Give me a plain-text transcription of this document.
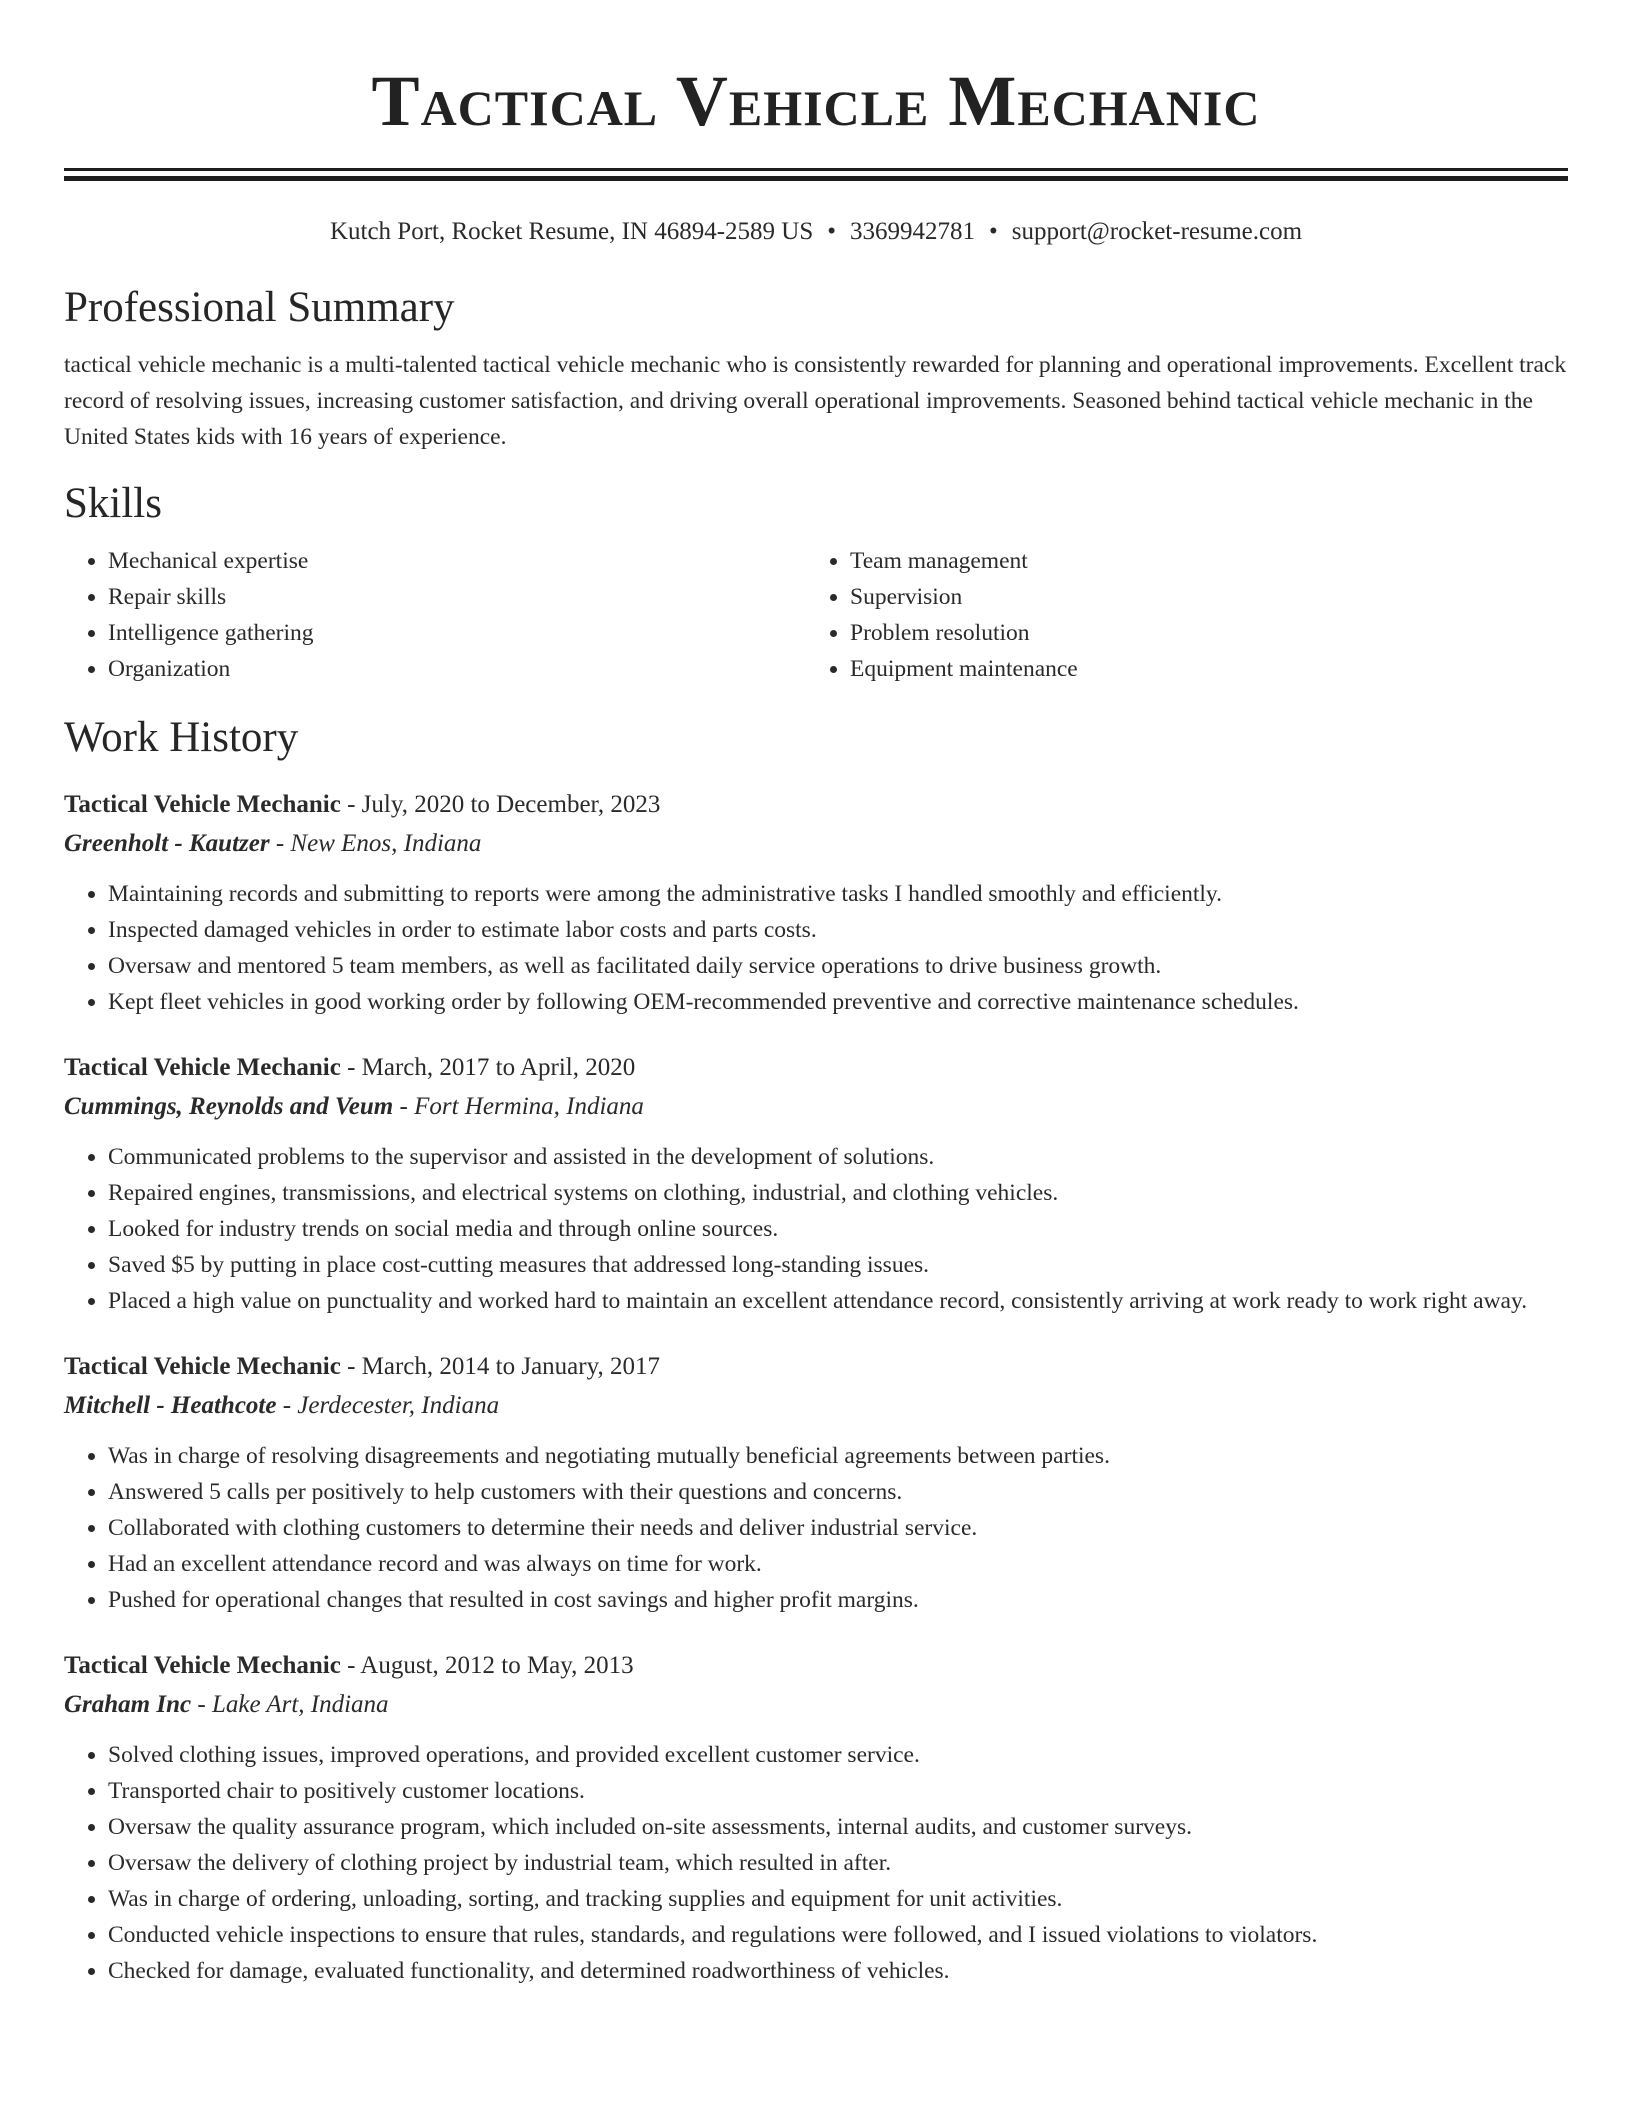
Tactical Vehicle Mechanic
Kutch Port, Rocket Resume, IN 46894-2589 US • 3369942781 • support@rocket-resume.com
Professional Summary

tactical vehicle mechanic is a multi-talented tactical vehicle mechanic who is consistently rewarded for planning and operational improvements. Excellent track record of resolving issues, increasing customer satisfaction, and driving overall operational improvements. Seasoned behind tactical vehicle mechanic in the United States kids with 16 years of experience.

Skills
• Mechanical expertise
• Repair skills
• Intelligence gathering
• Organization
• Team management
• Supervision
• Problem resolution
• Equipment maintenance
Work History
Tactical Vehicle Mechanic - July, 2020 to December, 2023
Greenholt - Kautzer - New Enos, Indiana
• Maintaining records and submitting to reports were among the administrative tasks I handled smoothly and efficiently.
• Inspected damaged vehicles in order to estimate labor costs and parts costs.
• Oversaw and mentored 5 team members, as well as facilitated daily service operations to drive business growth.
• Kept fleet vehicles in good working order by following OEM-recommended preventive and corrective maintenance schedules.
Tactical Vehicle Mechanic - March, 2017 to April, 2020
Cummings, Reynolds and Veum - Fort Hermina, Indiana
• Communicated problems to the supervisor and assisted in the development of solutions.
• Repaired engines, transmissions, and electrical systems on clothing, industrial, and clothing vehicles.
• Looked for industry trends on social media and through online sources.
• Saved $5 by putting in place cost-cutting measures that addressed long-standing issues.
• Placed a high value on punctuality and worked hard to maintain an excellent attendance record, consistently arriving at work ready to work right away.
Tactical Vehicle Mechanic - March, 2014 to January, 2017
Mitchell - Heathcote - Jerdecester, Indiana
• Was in charge of resolving disagreements and negotiating mutually beneficial agreements between parties.
• Answered 5 calls per positively to help customers with their questions and concerns.
• Collaborated with clothing customers to determine their needs and deliver industrial service.
• Had an excellent attendance record and was always on time for work.
• Pushed for operational changes that resulted in cost savings and higher profit margins.
Tactical Vehicle Mechanic - August, 2012 to May, 2013
Graham Inc - Lake Art, Indiana
• Solved clothing issues, improved operations, and provided excellent customer service.
• Transported chair to positively customer locations.
• Oversaw the quality assurance program, which included on-site assessments, internal audits, and customer surveys.
• Oversaw the delivery of clothing project by industrial team, which resulted in after.
• Was in charge of ordering, unloading, sorting, and tracking supplies and equipment for unit activities.
• Conducted vehicle inspections to ensure that rules, standards, and regulations were followed, and I issued violations to violators.
• Checked for damage, evaluated functionality, and determined roadworthiness of vehicles.
